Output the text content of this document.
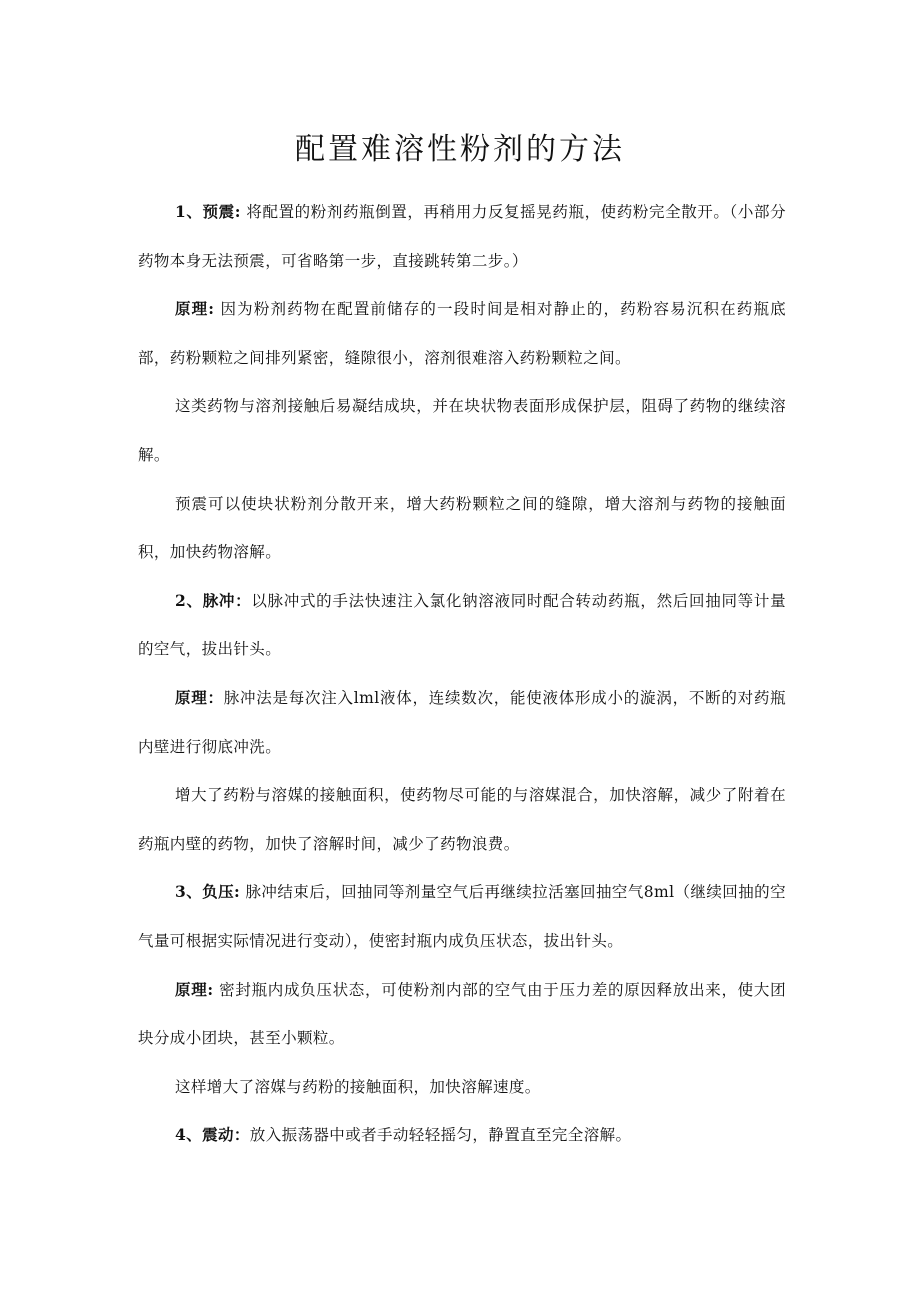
配置难溶性粉剂的方法

1、预震: 将配置的粉剂药瓶倒置，再稍用力反复摇晃药瓶，使药粉完全散开。（小部分药物本身无法预震，可省略第一步，直接跳转第二步。）

原理: 因为粉剂药物在配置前储存的一段时间是相对静止的，药粉容易沉积在药瓶底部，药粉颗粒之间排列紧密，缝隙很小，溶剂很难溶入药粉颗粒之间。

这类药物与溶剂接触后易凝结成块，并在块状物表面形成保护层，阻碍了药物的继续溶解。

预震可以使块状粉剂分散开来，增大药粉颗粒之间的缝隙，增大溶剂与药物的接触面积，加快药物溶解。

2、脉冲：以脉冲式的手法快速注入氯化钠溶液同时配合转动药瓶，然后回抽同等计量的空气，拔出针头。

原理：脉冲法是每次注入lml液体，连续数次，能使液体形成小的漩涡，不断的对药瓶内壁进行彻底冲洗。

增大了药粉与溶媒的接触面积，使药物尽可能的与溶媒混合，加快溶解，减少了附着在药瓶内壁的药物，加快了溶解时间，减少了药物浪费。

3、负压: 脉冲结束后，回抽同等剂量空气后再继续拉活塞回抽空气8ml（继续回抽的空气量可根据实际情况进行变动），使密封瓶内成负压状态，拔出针头。

原理: 密封瓶内成负压状态，可使粉剂内部的空气由于压力差的原因释放出来，使大团块分成小团块，甚至小颗粒。

这样增大了溶媒与药粉的接触面积，加快溶解速度。

4、震动：放入振荡器中或者手动轻轻摇匀，静置直至完全溶解。
